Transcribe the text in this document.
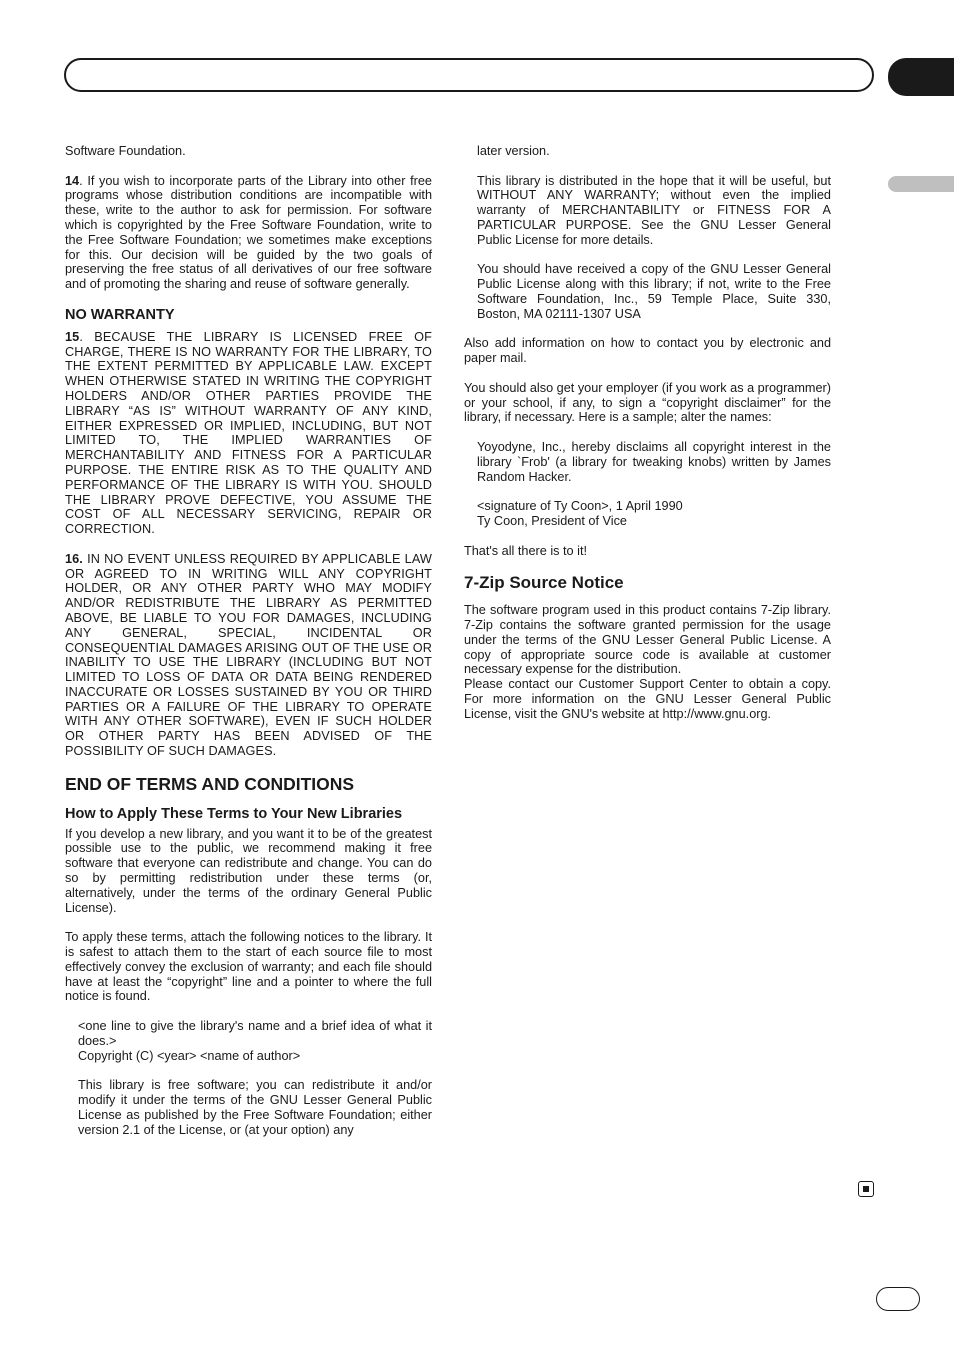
Software Foundation.

14. If you wish to incorporate parts of the Library into other free programs whose distribution conditions are incompatible with these, write to the author to ask for permission. For software which is copyrighted by the Free Software Foundation, write to the Free Software Foundation; we sometimes make exceptions for this. Our decision will be guided by the two goals of preserving the free status of all derivatives of our free software and of promoting the sharing and reuse of software generally.

NO WARRANTY

15. BECAUSE THE LIBRARY IS LICENSED FREE OF CHARGE, THERE IS NO WARRANTY FOR THE LIBRARY, TO THE EXTENT PERMITTED BY APPLICABLE LAW. EXCEPT WHEN OTHERWISE STATED IN WRITING THE COPYRIGHT HOLDERS AND/OR OTHER PARTIES PROVIDE THE LIBRARY “AS IS” WITHOUT WARRANTY OF ANY KIND, EITHER EXPRESSED OR IMPLIED, INCLUDING, BUT NOT LIMITED TO, THE IMPLIED WARRANTIES OF MERCHANTABILITY AND FITNESS FOR A PARTICULAR PURPOSE. THE ENTIRE RISK AS TO THE QUALITY AND PERFORMANCE OF THE LIBRARY IS WITH YOU. SHOULD THE LIBRARY PROVE DEFECTIVE, YOU ASSUME THE COST OF ALL NECESSARY SERVICING, REPAIR OR CORRECTION.

16. IN NO EVENT UNLESS REQUIRED BY APPLICABLE LAW OR AGREED TO IN WRITING WILL ANY COPYRIGHT HOLDER, OR ANY OTHER PARTY WHO MAY MODIFY AND/OR REDISTRIBUTE THE LIBRARY AS PERMITTED ABOVE, BE LIABLE TO YOU FOR DAMAGES, INCLUDING ANY GENERAL, SPECIAL, INCIDENTAL OR CONSEQUENTIAL DAMAGES ARISING OUT OF THE USE OR INABILITY TO USE THE LIBRARY (INCLUDING BUT NOT LIMITED TO LOSS OF DATA OR DATA BEING RENDERED INACCURATE OR LOSSES SUSTAINED BY YOU OR THIRD PARTIES OR A FAILURE OF THE LIBRARY TO OPERATE WITH ANY OTHER SOFTWARE), EVEN IF SUCH HOLDER OR OTHER PARTY HAS BEEN ADVISED OF THE POSSIBILITY OF SUCH DAMAGES.

END OF TERMS AND CONDITIONS
How to Apply These Terms to Your New Libraries

If you develop a new library, and you want it to be of the greatest possible use to the public, we recommend making it free software that everyone can redistribute and change. You can do so by permitting redistribution under these terms (or, alternatively, under the terms of the ordinary General Public License).

To apply these terms, attach the following notices to the library. It is safest to attach them to the start of each source file to most effectively convey the exclusion of warranty; and each file should have at least the “copyright” line and a pointer to where the full notice is found.

<one line to give the library's name and a brief idea of what it does.>

Copyright (C) <year> <name of author>

This library is free software; you can redistribute it and/or modify it under the terms of the GNU Lesser General Public License as published by the Free Software Foundation; either version 2.1 of the License, or (at your option) any

later version.

This library is distributed in the hope that it will be useful, but WITHOUT ANY WARRANTY; without even the implied warranty of MERCHANTABILITY or FITNESS FOR A PARTICULAR PURPOSE. See the GNU Lesser General Public License for more details.

You should have received a copy of the GNU Lesser General Public License along with this library; if not, write to the Free Software Foundation, Inc., 59 Temple Place, Suite 330, Boston, MA 02111-1307 USA

Also add information on how to contact you by electronic and paper mail.

You should also get your employer (if you work as a programmer) or your school, if any, to sign a “copyright disclaimer” for the library, if necessary. Here is a sample; alter the names:

Yoyodyne, Inc., hereby disclaims all copyright interest in the library `Frob' (a library for tweaking knobs) written by James Random Hacker.

<signature of Ty Coon>, 1 April 1990

Ty Coon, President of Vice

That's all there is to it!

7-Zip Source Notice

The software program used in this product contains 7-Zip library. 7-Zip contains the software granted permission for the usage under the terms of the GNU Lesser General Public License. A copy of appropriate source code is available at customer necessary expense for the distribution.

Please contact our Customer Support Center to obtain a copy. For more information on the GNU Lesser General Public License, visit the GNU's website at http://www.gnu.org.
